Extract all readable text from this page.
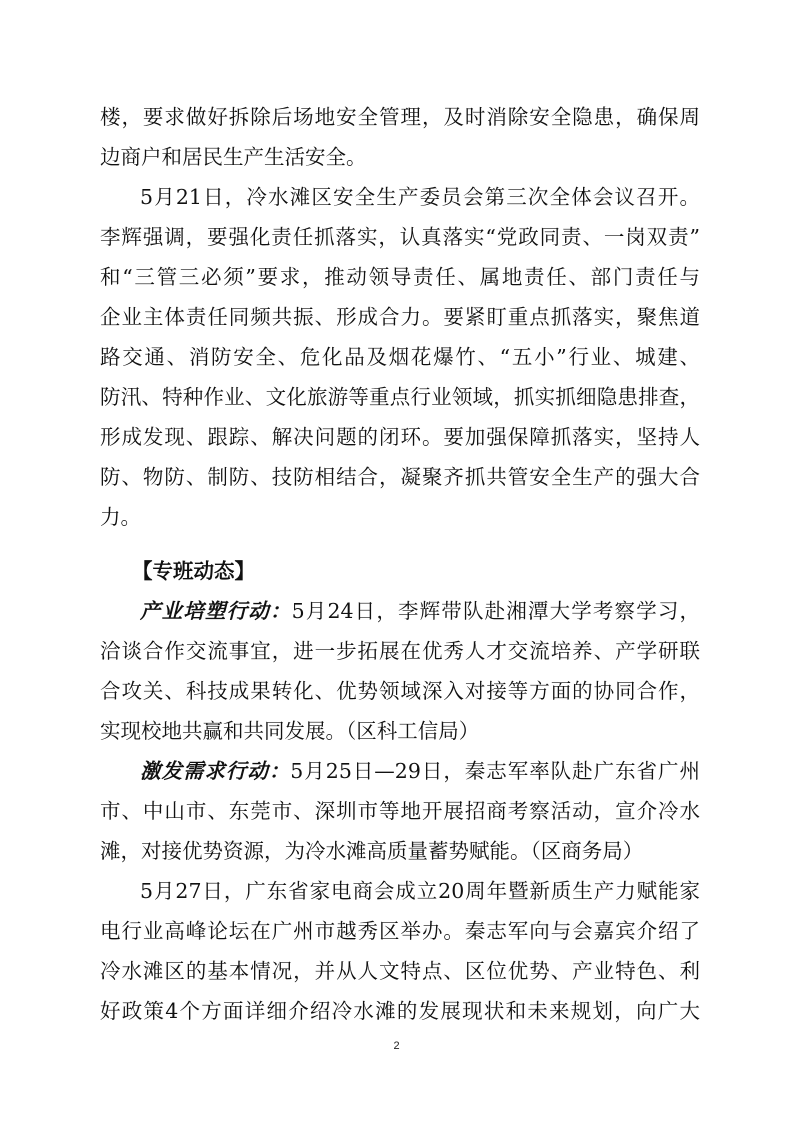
楼，要求做好拆除后场地安全管理，及时消除安全隐患，确保周
边商户和居民生产生活安全。
5月21日，冷水滩区安全生产委员会第三次全体会议召开。
李辉强调，要强化责任抓落实，认真落实“党政同责、一岗双责”
和“三管三必须”要求，推动领导责任、属地责任、部门责任与
企业主体责任同频共振、形成合力。要紧盯重点抓落实，聚焦道
路交通、消防安全、危化品及烟花爆竹、“五小”行业、城建、
防汛、特种作业、文化旅游等重点行业领域，抓实抓细隐患排查，
形成发现、跟踪、解决问题的闭环。要加强保障抓落实，坚持人
防、物防、制防、技防相结合，凝聚齐抓共管安全生产的强大合
力。
【专班动态】
产业培塑行动：5月24日，李辉带队赴湘潭大学考察学习，
洽谈合作交流事宜，进一步拓展在优秀人才交流培养、产学研联
合攻关、科技成果转化、优势领域深入对接等方面的协同合作，
实现校地共赢和共同发展。（区科工信局）
激发需求行动：5月25日—29日，秦志军率队赴广东省广州
市、中山市、东莞市、深圳市等地开展招商考察活动，宣介冷水
滩，对接优势资源，为冷水滩高质量蓄势赋能。（区商务局）
5月27日，广东省家电商会成立20周年暨新质生产力赋能家
电行业高峰论坛在广州市越秀区举办。秦志军向与会嘉宾介绍了
冷水滩区的基本情况，并从人文特点、区位优势、产业特色、利
好政策4个方面详细介绍冷水滩的发展现状和未来规划，向广大
2
